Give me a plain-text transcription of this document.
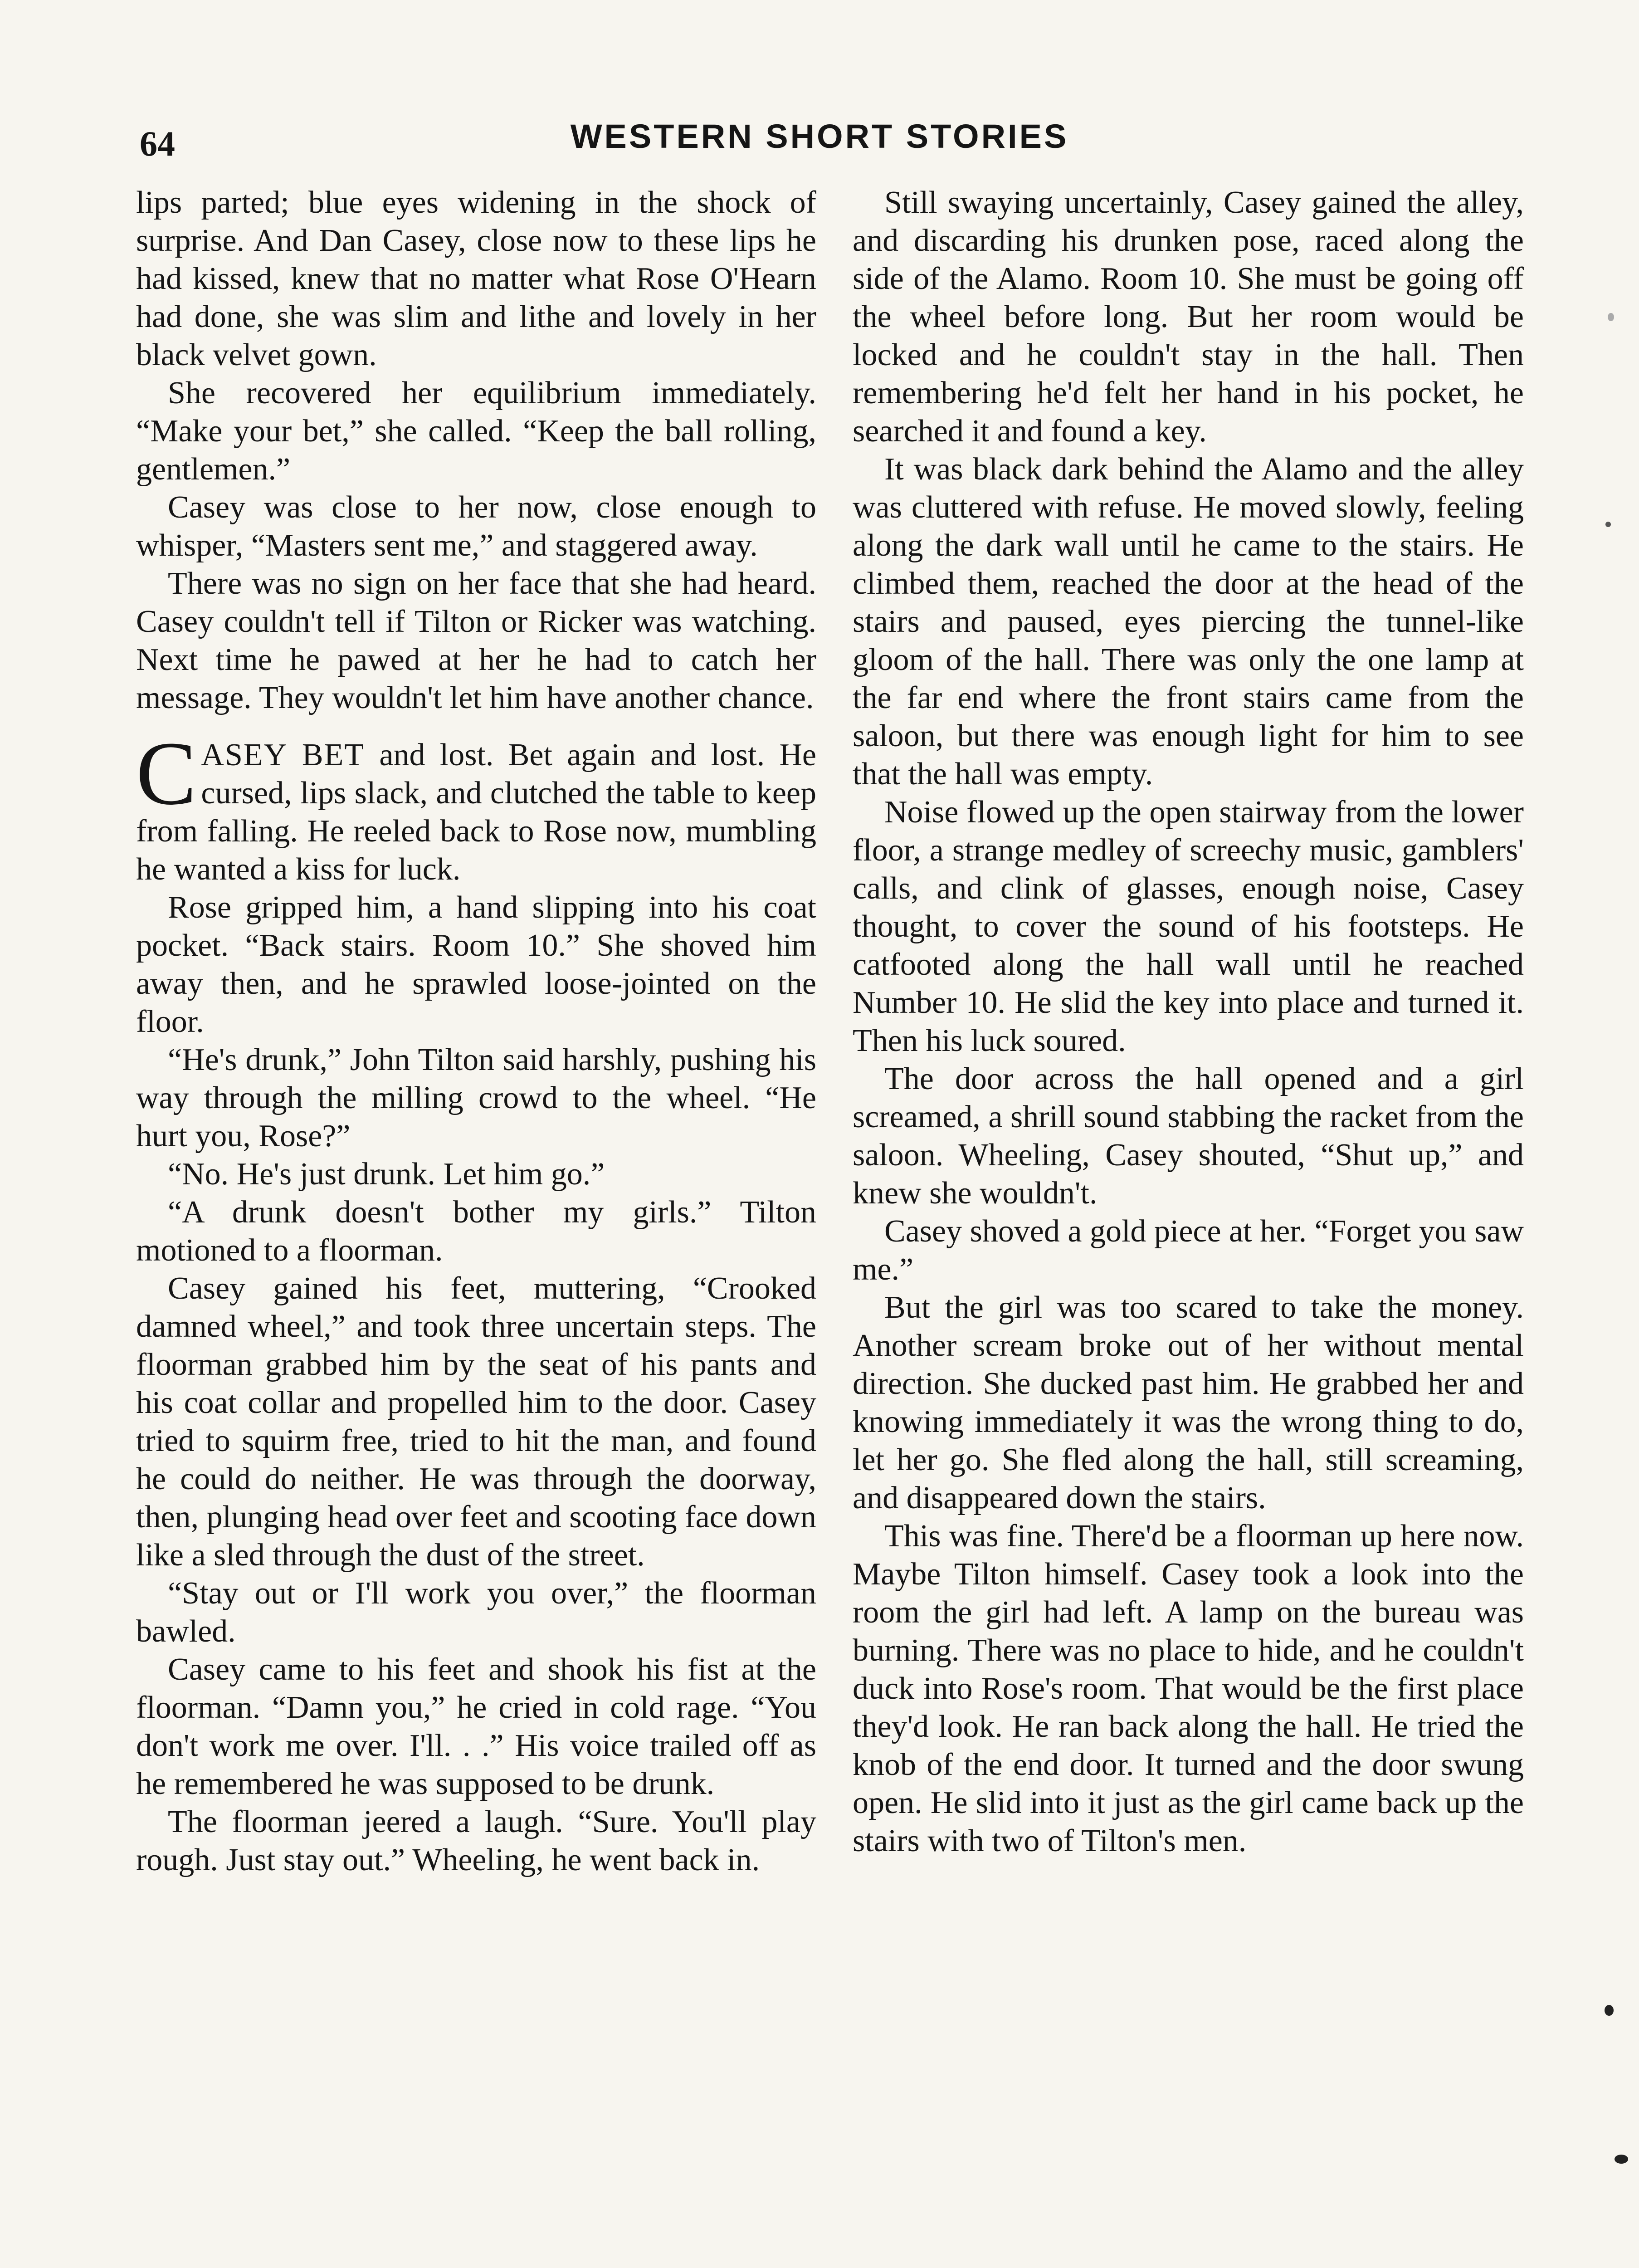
64	WESTERN SHORT STORIES

lips parted; blue eyes widening in the shock of surprise. And Dan Casey, close now to these lips he had kissed, knew that no matter what Rose O'Hearn had done, she was slim and lithe and lovely in her black velvet gown.

She recovered her equilibrium immediately. “Make your bet,” she called. “Keep the ball rolling, gentlemen.”

Casey was close to her now, close enough to whisper, “Masters sent me,” and staggered away.

There was no sign on her face that she had heard. Casey couldn't tell if Tilton or Ricker was watching. Next time he pawed at her he had to catch her message. They wouldn't let him have another chance.

CASEY BET and lost. Bet again and lost. He cursed, lips slack, and clutched the table to keep from falling. He reeled back to Rose now, mumbling he wanted a kiss for luck.

Rose gripped him, a hand slipping into his coat pocket. “Back stairs. Room 10.” She shoved him away then, and he sprawled loose-jointed on the floor.

“He's drunk,” John Tilton said harshly, pushing his way through the milling crowd to the wheel. “He hurt you, Rose?”

“No. He's just drunk. Let him go.”

“A drunk doesn't bother my girls.” Tilton motioned to a floorman.

Casey gained his feet, muttering, “Crooked damned wheel,” and took three uncertain steps. The floorman grabbed him by the seat of his pants and his coat collar and propelled him to the door. Casey tried to squirm free, tried to hit the man, and found he could do neither. He was through the doorway, then, plunging head over feet and scooting face down like a sled through the dust of the street.

“Stay out or I'll work you over,” the floorman bawled.

Casey came to his feet and shook his fist at the floorman. “Damn you,” he cried in cold rage. “You don't work me over. I'll. . .” His voice trailed off as he remembered he was supposed to be drunk.

The floorman jeered a laugh. “Sure. You'll play rough. Just stay out.” Wheeling, he went back in.

Still swaying uncertainly, Casey gained the alley, and discarding his drunken pose, raced along the side of the Alamo. Room 10. She must be going off the wheel before long. But her room would be locked and he couldn't stay in the hall. Then remembering he'd felt her hand in his pocket, he searched it and found a key.

It was black dark behind the Alamo and the alley was cluttered with refuse. He moved slowly, feeling along the dark wall until he came to the stairs. He climbed them, reached the door at the head of the stairs and paused, eyes piercing the tunnel-like gloom of the hall. There was only the one lamp at the far end where the front stairs came from the saloon, but there was enough light for him to see that the hall was empty.

Noise flowed up the open stairway from the lower floor, a strange medley of screechy music, gamblers' calls, and clink of glasses, enough noise, Casey thought, to cover the sound of his footsteps. He catfooted along the hall wall until he reached Number 10. He slid the key into place and turned it. Then his luck soured.

The door across the hall opened and a girl screamed, a shrill sound stabbing the racket from the saloon. Wheeling, Casey shouted, “Shut up,” and knew she wouldn't.

Casey shoved a gold piece at her. “Forget you saw me.”

But the girl was too scared to take the money. Another scream broke out of her without mental direction. She ducked past him. He grabbed her and knowing immediately it was the wrong thing to do, let her go. She fled along the hall, still screaming, and disappeared down the stairs.

This was fine. There'd be a floorman up here now. Maybe Tilton himself. Casey took a look into the room the girl had left. A lamp on the bureau was burning. There was no place to hide, and he couldn't duck into Rose's room. That would be the first place they'd look. He ran back along the hall. He tried the knob of the end door. It turned and the door swung open. He slid into it just as the girl came back up the stairs with two of Tilton's men.
